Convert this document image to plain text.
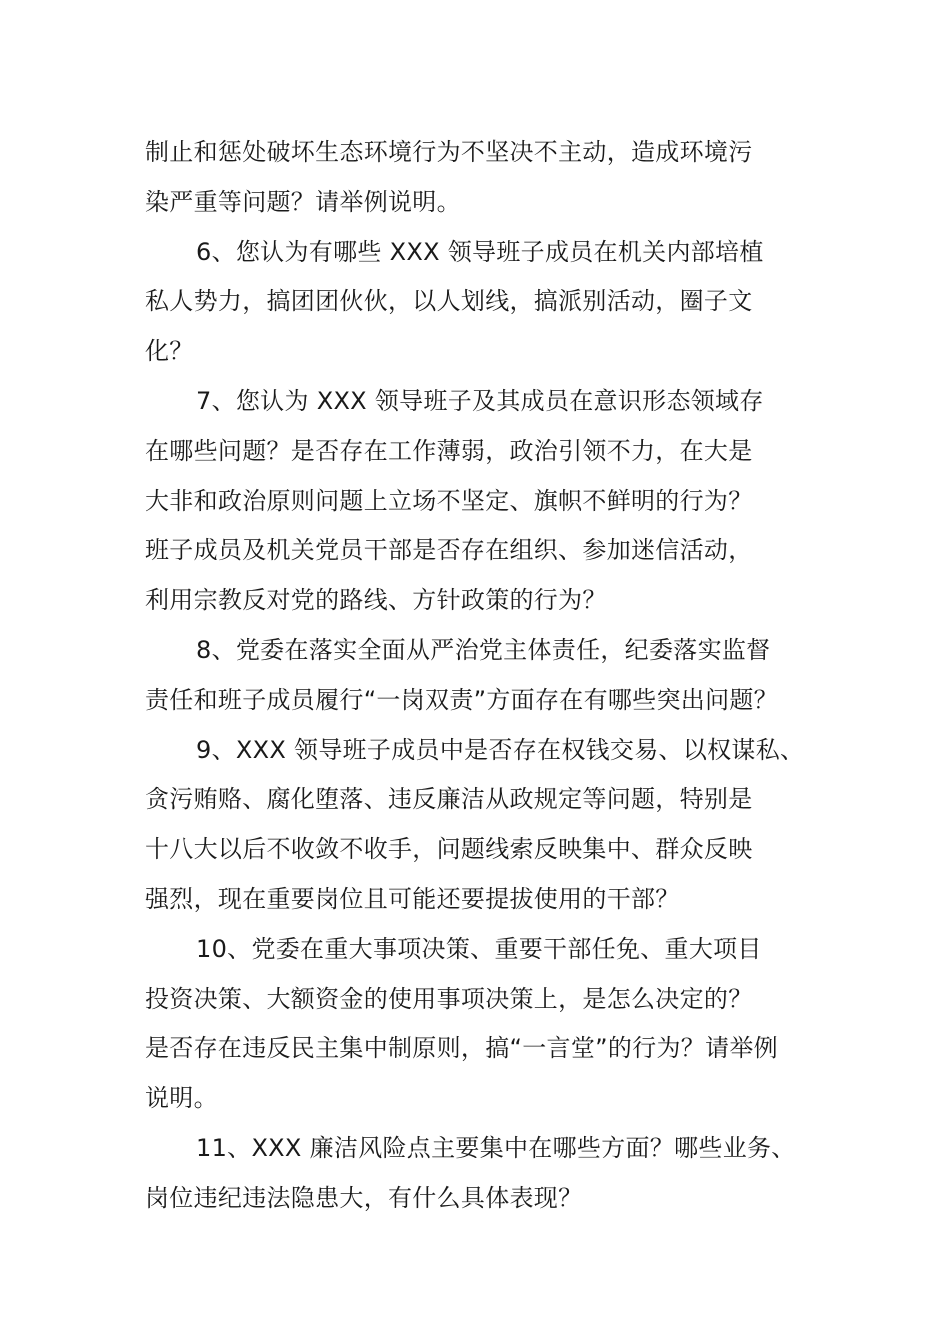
制止和惩处破坏生态环境行为不坚决不主动，造成环境污
染严重等问题？请举例说明。
6、您认为有哪些 XXX 领导班子成员在机关内部培植
私人势力，搞团团伙伙，以人划线，搞派别活动，圈子文
化？
7、您认为 XXX 领导班子及其成员在意识形态领域存
在哪些问题？是否存在工作薄弱，政治引领不力，在大是
大非和政治原则问题上立场不坚定、旗帜不鲜明的行为？
班子成员及机关党员干部是否存在组织、参加迷信活动，
利用宗教反对党的路线、方针政策的行为？
8、党委在落实全面从严治党主体责任，纪委落实监督
责任和班子成员履行“一岗双责”方面存在有哪些突出问题？
9、XXX 领导班子成员中是否存在权钱交易、以权谋私、
贪污贿赂、腐化堕落、违反廉洁从政规定等问题，特别是
十八大以后不收敛不收手，问题线索反映集中、群众反映
强烈，现在重要岗位且可能还要提拔使用的干部？
10、党委在重大事项决策、重要干部任免、重大项目
投资决策、大额资金的使用事项决策上，是怎么决定的？
是否存在违反民主集中制原则，搞“一言堂”的行为？请举例
说明。
11、XXX 廉洁风险点主要集中在哪些方面？哪些业务、
岗位违纪违法隐患大，有什么具体表现？
